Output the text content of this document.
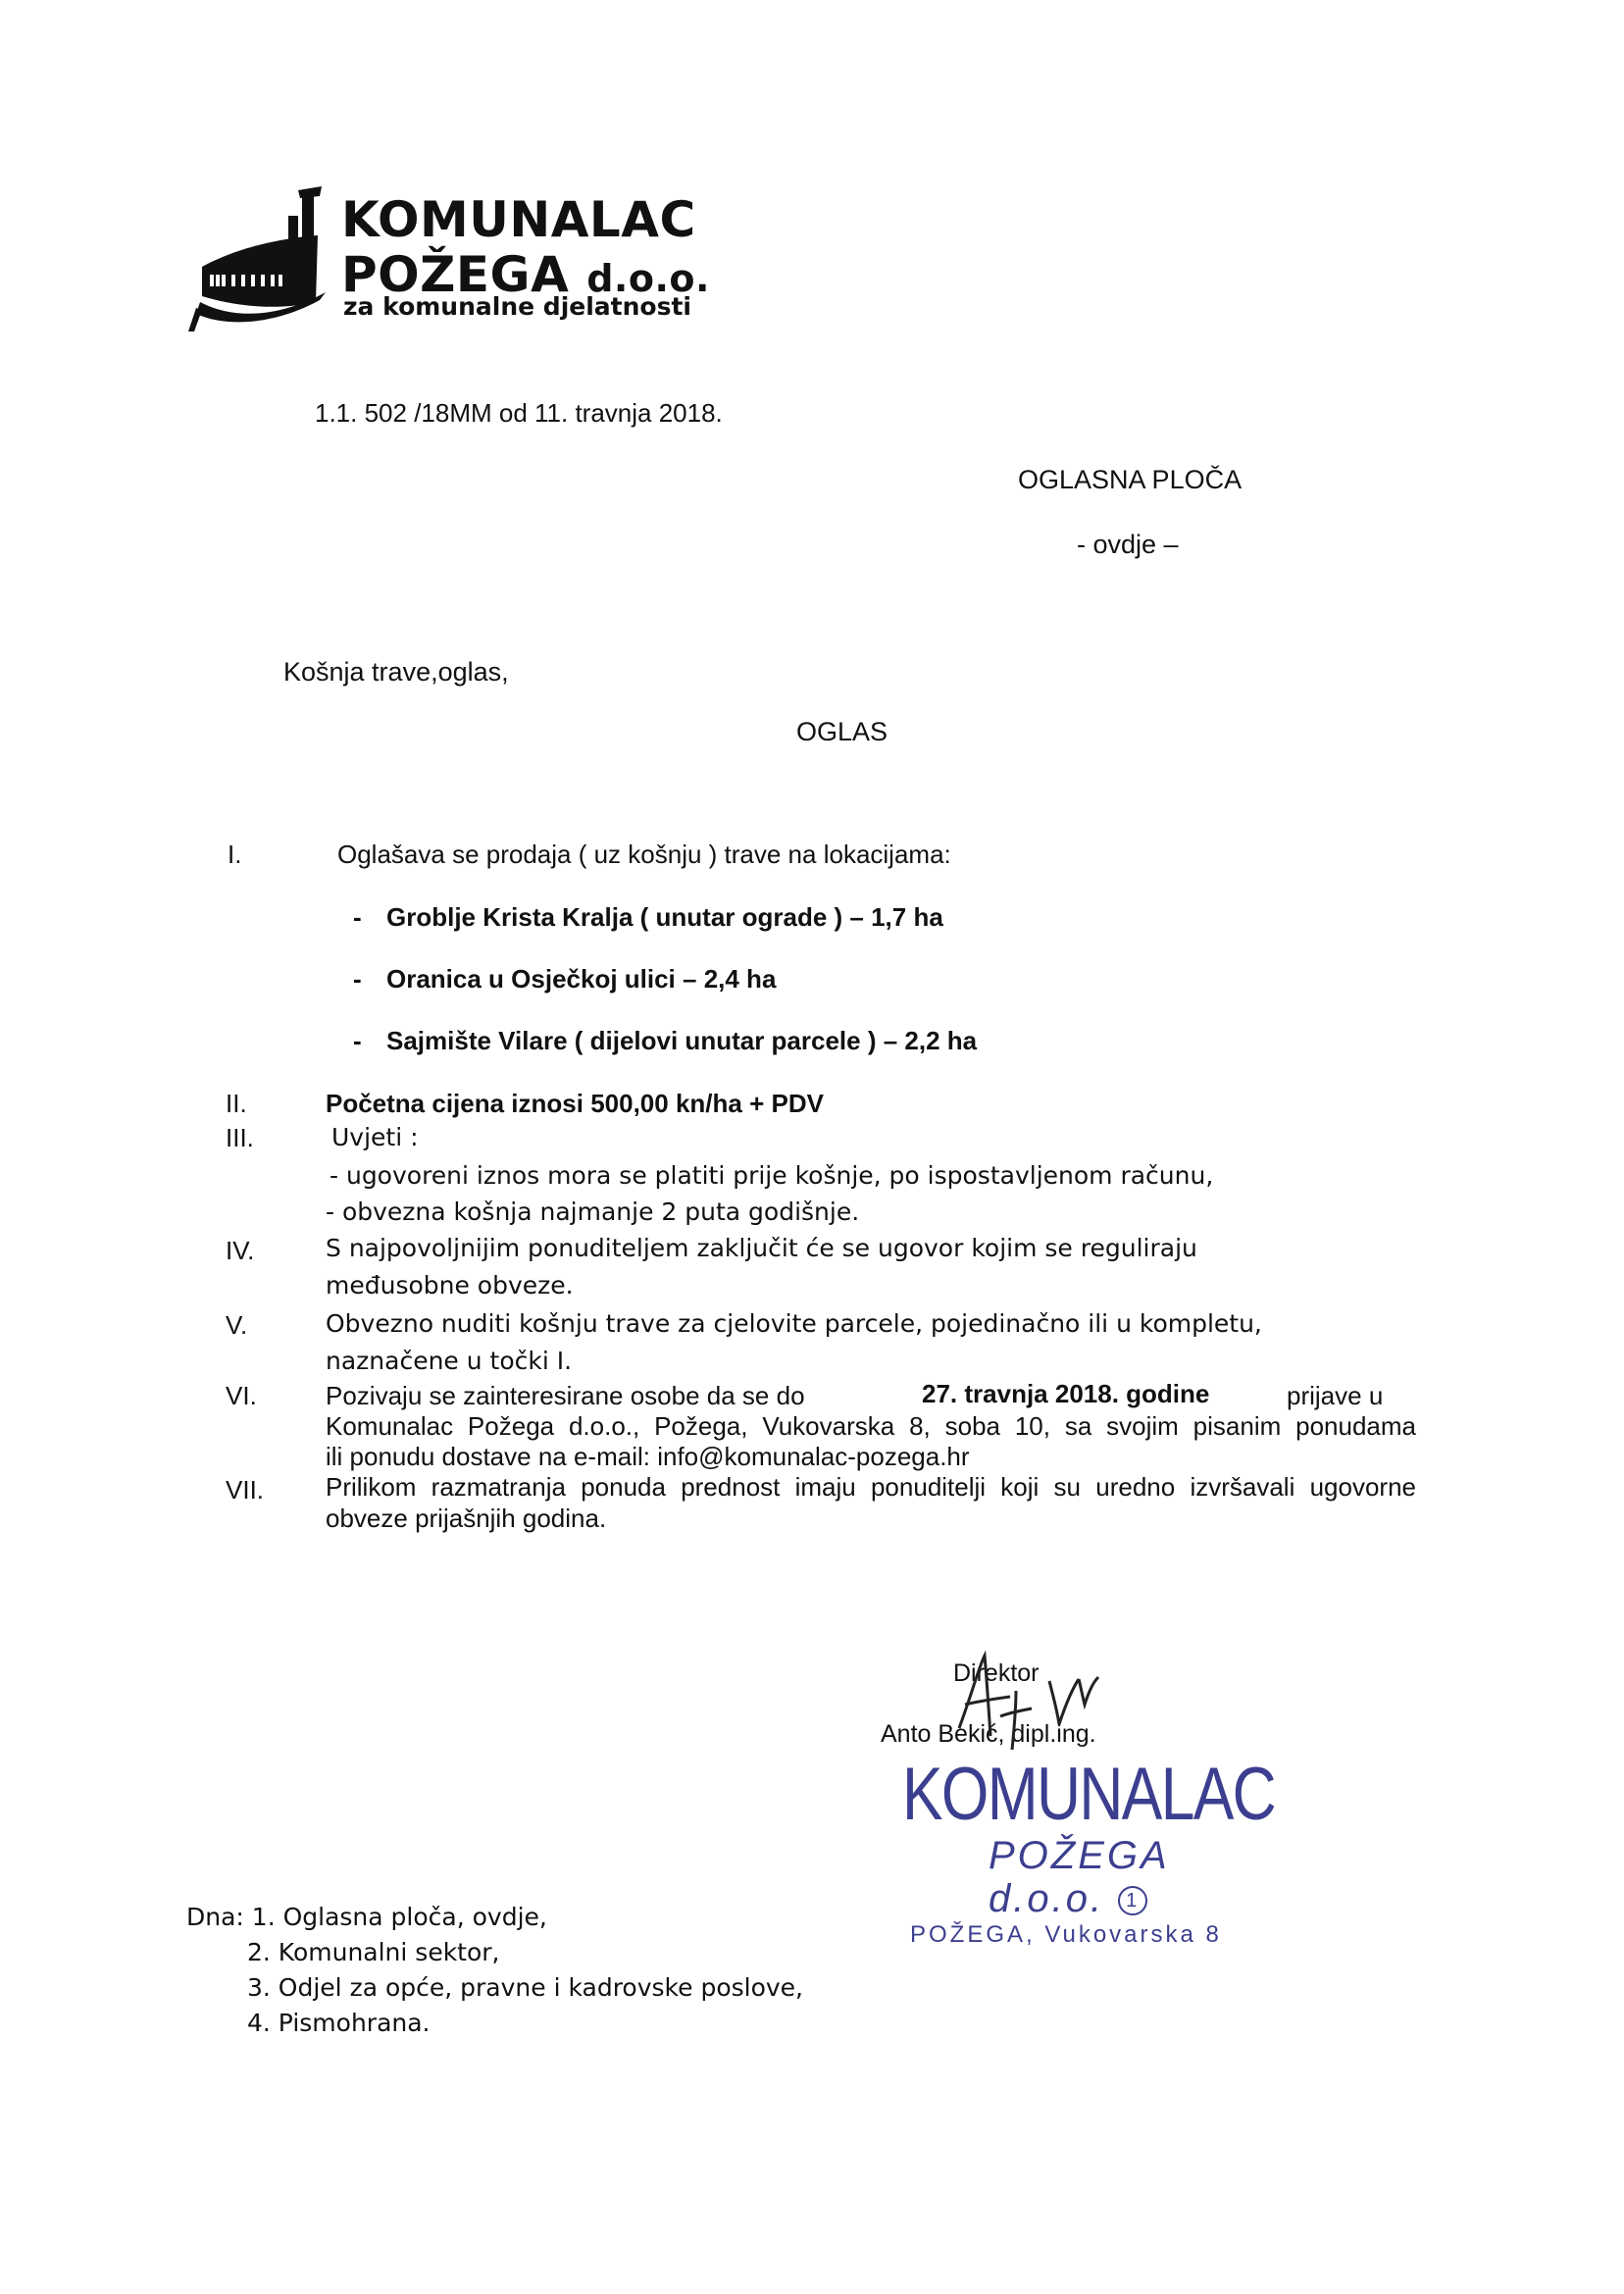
KOMUNALAC
POŽEGA d.o.o.
za komunalne djelatnosti
1.1. 502 /18MM od 11. travnja 2018.
OGLASNA PLOČA
- ovdje –
Košnja trave,oglas,
OGLAS
I.	Oglašava se prodaja ( uz košnju ) trave na lokacijama:
- Groblje Krista Kralja ( unutar ograde ) – 1,7 ha
- Oranica u Osječkoj ulici – 2,4 ha
- Sajmište Vilare ( dijelovi unutar parcele ) – 2,2 ha
II.	Početna cijena iznosi 500,00 kn/ha + PDV
III.	Uvjeti :
- ugovoreni iznos mora se platiti prije košnje, po ispostavljenom računu,
- obvezna košnja najmanje 2 puta godišnje.
IV.	S najpovoljnijim ponuditeljem zaključit će se ugovor kojim se reguliraju
međusobne obveze.
V.	Obvezno nuditi košnju trave za cjelovite parcele, pojedinačno ili u kompletu,
naznačene u točki I.
VI.	Pozivaju se zainteresirane osobe da se do	27. travnja 2018. godine	prijave u
Komunalac Požega d.o.o., Požega, Vukovarska 8, soba 10, sa svojim pisanim ponudama
ili ponudu dostave na e-mail: info@komunalac-pozega.hr
VII. Prilikom razmatranja ponuda prednost imaju ponuditelji koji su uredno izvršavali ugovorne
obveze prijašnjih godina.
Direktor
Anto Bekić, dipl.ing.
KOMUNALAC
POŽEGA d.o.o. 1
POŽEGA, Vukovarska 8
Dna: 1. Oglasna ploča, ovdje,
2. Komunalni sektor,
3. Odjel za opće, pravne i kadrovske poslove,
4. Pismohrana.
